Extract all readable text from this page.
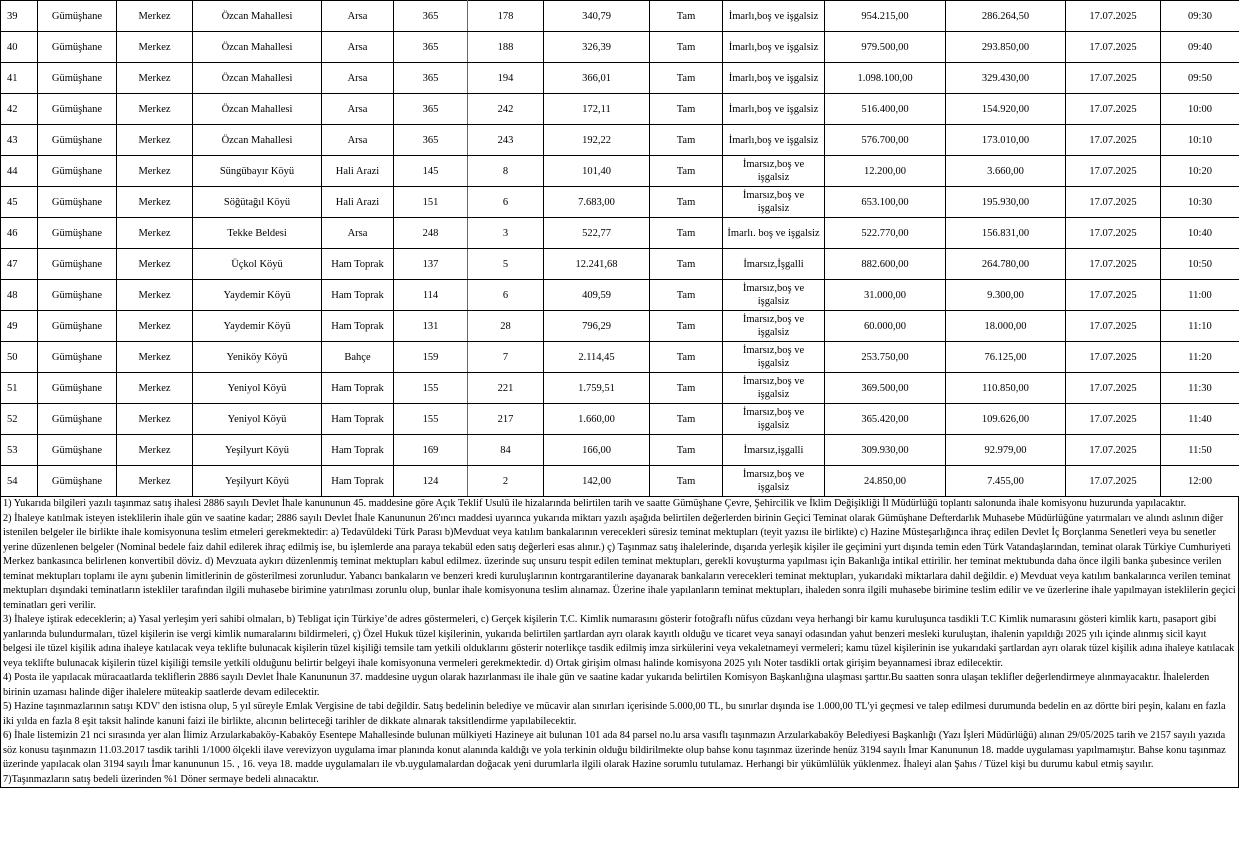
39	Gümüşhane	Merkez	Özcan Mahallesi	Arsa	365	178	340,79	Tam	İmarlı,boş ve işgalsiz	954.215,00	286.264,50	17.07.2025	09:30
40	Gümüşhane	Merkez	Özcan Mahallesi	Arsa	365	188	326,39	Tam	İmarlı,boş ve işgalsiz	979.500,00	293.850,00	17.07.2025	09:40
41	Gümüşhane	Merkez	Özcan Mahallesi	Arsa	365	194	366,01	Tam	İmarlı,boş ve işgalsiz	1.098.100,00	329.430,00	17.07.2025	09:50
42	Gümüşhane	Merkez	Özcan Mahallesi	Arsa	365	242	172,11	Tam	İmarlı,boş ve işgalsiz	516.400,00	154.920,00	17.07.2025	10:00
43	Gümüşhane	Merkez	Özcan Mahallesi	Arsa	365	243	192,22	Tam	İmarlı,boş ve işgalsiz	576.700,00	173.010,00	17.07.2025	10:10
44	Gümüşhane	Merkez	Süngübayır Köyü	Hali Arazi	145	8	101,40	Tam	İmarsız,boş ve işgalsiz	12.200,00	3.660,00	17.07.2025	10:20
45	Gümüşhane	Merkez	Söğütağıl Köyü	Hali Arazi	151	6	7.683,00	Tam	İmarsız,boş ve işgalsiz	653.100,00	195.930,00	17.07.2025	10:30
46	Gümüşhane	Merkez	Tekke Beldesi	Arsa	248	3	522,77	Tam	İmarlı. boş ve işgalsiz	522.770,00	156.831,00	17.07.2025	10:40
47	Gümüşhane	Merkez	Üçkol Köyü	Ham Toprak	137	5	12.241,68	Tam	İmarsız,İşgalli	882.600,00	264.780,00	17.07.2025	10:50
48	Gümüşhane	Merkez	Yaydemir Köyü	Ham Toprak	114	6	409,59	Tam	İmarsız,boş ve işgalsiz	31.000,00	9.300,00	17.07.2025	11:00
49	Gümüşhane	Merkez	Yaydemir Köyü	Ham Toprak	131	28	796,29	Tam	İmarsız,boş ve işgalsiz	60.000,00	18.000,00	17.07.2025	11:10
50	Gümüşhane	Merkez	Yeniköy Köyü	Bahçe	159	7	2.114,45	Tam	İmarsız,boş ve işgalsiz	253.750,00	76.125,00	17.07.2025	11:20
51	Gümüşhane	Merkez	Yeniyol Köyü	Ham Toprak	155	221	1.759,51	Tam	İmarsız,boş ve işgalsiz	369.500,00	110.850,00	17.07.2025	11:30
52	Gümüşhane	Merkez	Yeniyol Köyü	Ham Toprak	155	217	1.660,00	Tam	İmarsız,boş ve işgalsiz	365.420,00	109.626,00	17.07.2025	11:40
53	Gümüşhane	Merkez	Yeşilyurt Köyü	Ham Toprak	169	84	166,00	Tam	İmarsız,işgalli	309.930,00	92.979,00	17.07.2025	11:50
54	Gümüşhane	Merkez	Yeşilyurt Köyü	Ham Toprak	124	2	142,00	Tam	İmarsız,boş ve işgalsiz	24.850,00	7.455,00	17.07.2025	12:00

1) Yukarıda bilgileri yazılı taşınmaz satış ihalesi 2886 sayılı Devlet İhale kanununun 45. maddesine göre Açık Teklif Usulü ile hizalarında belirtilen tarih ve saatte Gümüşhane Çevre, Şehircilik ve İklim Değişikliği İl Müdürlüğü toplantı salonunda ihale komisyonu huzurunda yapılacaktır.

2) İhaleye katılmak isteyen isteklilerin ihale gün ve saatine kadar; 2886 sayılı Devlet İhale Kanununun 26'ıncı maddesi uyarınca yukarıda miktarı yazılı aşağıda belirtilen değerlerden birinin Geçici Teminat olarak Gümüşhane Defterdarlık Muhasebe Müdürlüğüne yatırmaları ve alındı aslının diğer istenilen belgeler ile birlikte ihale komisyonuna teslim etmeleri gerekmektedir: a) Tedavüldeki Türk Parası b)Mevduat veya katılım bankalarının verecekleri süresiz teminat mektupları (teyit yazısı ile birlikte) c) Hazine Müsteşarlığınca ihraç edilen Devlet İç Borçlanma Senetleri veya bu senetler yerine düzenlenen belgeler (Nominal bedele faiz dahil edilerek ihraç edilmiş ise, bu işlemlerde ana paraya tekabül eden satış değerleri esas alınır.) ç) Taşınmaz satış ihalelerinde, dışarıda yerleşik kişiler ile geçimini yurt dışında temin eden Türk Vatandaşlarından, teminat olarak Türkiye Cumhuriyeti Merkez bankasınca belirlenen konvertibil döviz. d) Mevzuata aykırı düzenlenmiş teminat mektupları kabul edilmez. üzerinde suç unsuru tespit edilen teminat mektupları, gerekli kovuşturma yapılması için Bakanlığa intikal ettirilir. her teminat mektubunda daha önce ilgili banka şubesince verilen teminat mektupları toplamı ile aynı şubenin limitlerinin de gösterilmesi zorunludur. Yabancı bankaların ve benzeri kredi kuruluşlarının kontrgarantilerine dayanarak bankaların verecekleri teminat mektupları, yukarıdaki miktarlara dahil değildir. e) Mevduat veya katılım bankalarınca verilen teminat mektupları dışındaki teminatların istekliler tarafından ilgili muhasebe birimine yatırılması zorunlu olup, bunlar ihale komisyonuna teslim alınamaz. Üzerine ihale yapılanların teminat mektupları, ihaleden sonra ilgili muhasebe birimine teslim edilir ve ve üzerlerine ihale yapılmayan isteklilerin geçici teminatları geri verilir.

3) İhaleye iştirak edeceklerin; a) Yasal yerleşim yeri sahibi olmaları, b) Tebligat için Türkiye’de adres göstermeleri, c) Gerçek kişilerin T.C. Kimlik numarasını gösterir fotoğraflı nüfus cüzdanı veya herhangi bir kamu kuruluşunca tasdikli T.C Kimlik numarasını gösteri kimlik kartı, pasaport gibi yanlarında bulundurmaları, tüzel kişilerin ise vergi kimlik numaralarını bildirmeleri, ç) Özel Hukuk tüzel kişilerinin, yukarıda belirtilen şartlardan ayrı olarak kayıtlı olduğu ve ticaret veya sanayi odasından yahut benzeri mesleki kuruluştan, ihalenin yapıldığı 2025 yılı içinde alınmış sicil kayıt belgesi ile tüzel kişilik adına ihaleye katılacak veya teklifte bulunacak kişilerin tüzel kişiliği temsile tam yetkili olduklarını gösterir noterlikçe tasdik edilmiş imza sirkülerini veya vekaletnameyi vermeleri; kamu tüzel kişilerinin ise yukarıdaki şartlardan ayrı olarak tüzel kişilik adına ihaleye katılacak veya teklifte bulunacak kişilerin tüzel kişiliği temsile yetkili olduğunu belirtir belgeyi ihale komisyonuna vermeleri gerekmektedir. d) Ortak girişim olması halinde komisyona 2025 yılı Noter tasdikli ortak girişim beyannamesi ibraz edilecektir.

4) Posta ile yapılacak müracaatlarda tekliflerin 2886 sayılı Devlet İhale Kanununun 37. maddesine uygun olarak hazırlanması ile ihale gün ve saatine kadar yukarıda belirtilen Komisyon Başkanlığına ulaşması şarttır.Bu saatten sonra ulaşan teklifler değerlendirmeye alınmayacaktır. İhalelerden birinin uzaması halinde diğer ihalelere müteakip saatlerde devam edilecektir.

5) Hazine taşınmazlarının satışı KDV' den istisna olup, 5 yıl süreyle Emlak Vergisine de tabi değildir. Satış bedelinin belediye ve mücavir alan sınırları içerisinde 5.000,00 TL, bu sınırlar dışında ise 1.000,00 TL'yi geçmesi ve talep edilmesi durumunda bedelin en az dörtte biri peşin, kalanı en fazla iki yılda en fazla 8 eşit taksit halinde kanuni faizi ile birlikte, alıcının belirteceği tarihler de dikkate alınarak taksitlendirme yapılabilecektir.

6) İhale listemizin 21 nci sırasında yer alan İlimiz Arzularkabaköy-Kabaköy Esentepe Mahallesinde bulunan mülkiyeti Hazineye ait bulunan 101 ada 84 parsel no.lu arsa vasıflı taşınmazın Arzularkabaköy Belediyesi Başkanlığı (Yazı İşleri Müdürlüğü) alınan 29/05/2025 tarih ve 2157 sayılı yazıda söz konusu taşınmazın 11.03.2017 tasdik tarihli 1/1000 ölçekli ilave verevizyon uygulama imar planında konut alanında kaldığı ve yola terkinin olduğu bildirilmekte olup bahse konu taşınmaz üzerinde henüz 3194 sayılı İmar Kanununun 18. madde uygulaması yapılmamıştır. Bahse konu taşınmaz üzerinde yapılacak olan 3194 sayılı İmar kanununun 15. , 16. veya 18. madde uygulamaları ile vb.uygulamalardan doğacak yeni durumlarla ilgili olarak Hazine sorumlu tutulamaz. Herhangi bir yükümlülük yüklenmez. İhaleyi alan Şahıs / Tüzel kişi bu durumu kabul etmiş sayılır.

7)Taşınmazların satış bedeli üzerinden %1 Döner sermaye bedeli alınacaktır.
